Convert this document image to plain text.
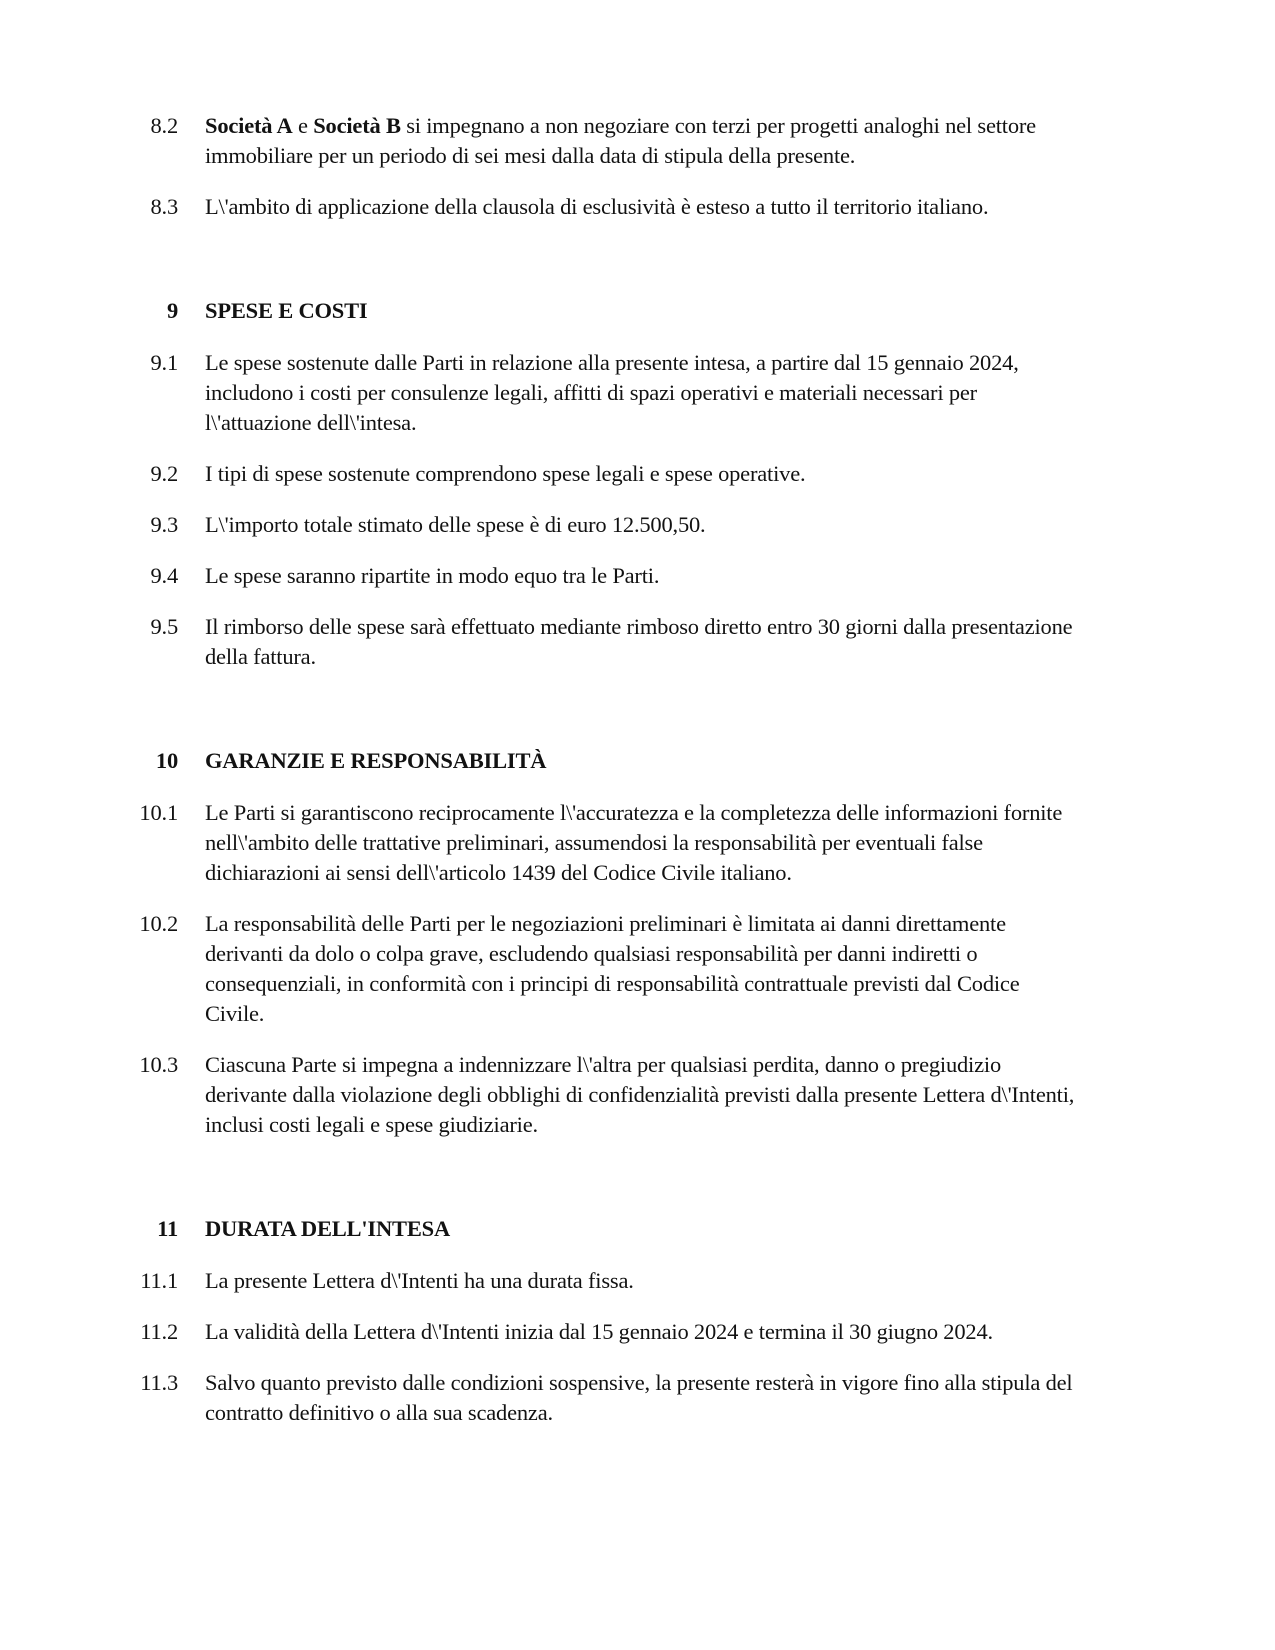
8.2 Società A e Società B si impegnano a non negoziare con terzi per progetti analoghi nel settore immobiliare per un periodo di sei mesi dalla data di stipula della presente.
8.3 L\'ambito di applicazione della clausola di esclusività è esteso a tutto il territorio italiano.
9 SPESE E COSTI
9.1 Le spese sostenute dalle Parti in relazione alla presente intesa, a partire dal 15 gennaio 2024, includono i costi per consulenze legali, affitti di spazi operativi e materiali necessari per l\'attuazione dell\'intesa.
9.2 I tipi di spese sostenute comprendono spese legali e spese operative.
9.3 L\'importo totale stimato delle spese è di euro 12.500,50.
9.4 Le spese saranno ripartite in modo equo tra le Parti.
9.5 Il rimborso delle spese sarà effettuato mediante rimboso diretto entro 30 giorni dalla presentazione della fattura.
10 GARANZIE E RESPONSABILITÀ
10.1 Le Parti si garantiscono reciprocamente l\'accuratezza e la completezza delle informazioni fornite nell\'ambito delle trattative preliminari, assumendosi la responsabilità per eventuali false dichiarazioni ai sensi dell\'articolo 1439 del Codice Civile italiano.
10.2 La responsabilità delle Parti per le negoziazioni preliminari è limitata ai danni direttamente derivanti da dolo o colpa grave, escludendo qualsiasi responsabilità per danni indiretti o consequenziali, in conformità con i principi di responsabilità contrattuale previsti dal Codice Civile.
10.3 Ciascuna Parte si impegna a indennizzare l\'altra per qualsiasi perdita, danno o pregiudizio derivante dalla violazione degli obblighi di confidenzialità previsti dalla presente Lettera d\'Intenti, inclusi costi legali e spese giudiziarie.
11 DURATA DELL'INTESA
11.1 La presente Lettera d\'Intenti ha una durata fissa.
11.2 La validità della Lettera d\'Intenti inizia dal 15 gennaio 2024 e termina il 30 giugno 2024.
11.3 Salvo quanto previsto dalle condizioni sospensive, la presente resterà in vigore fino alla stipula del contratto definitivo o alla sua scadenza.
